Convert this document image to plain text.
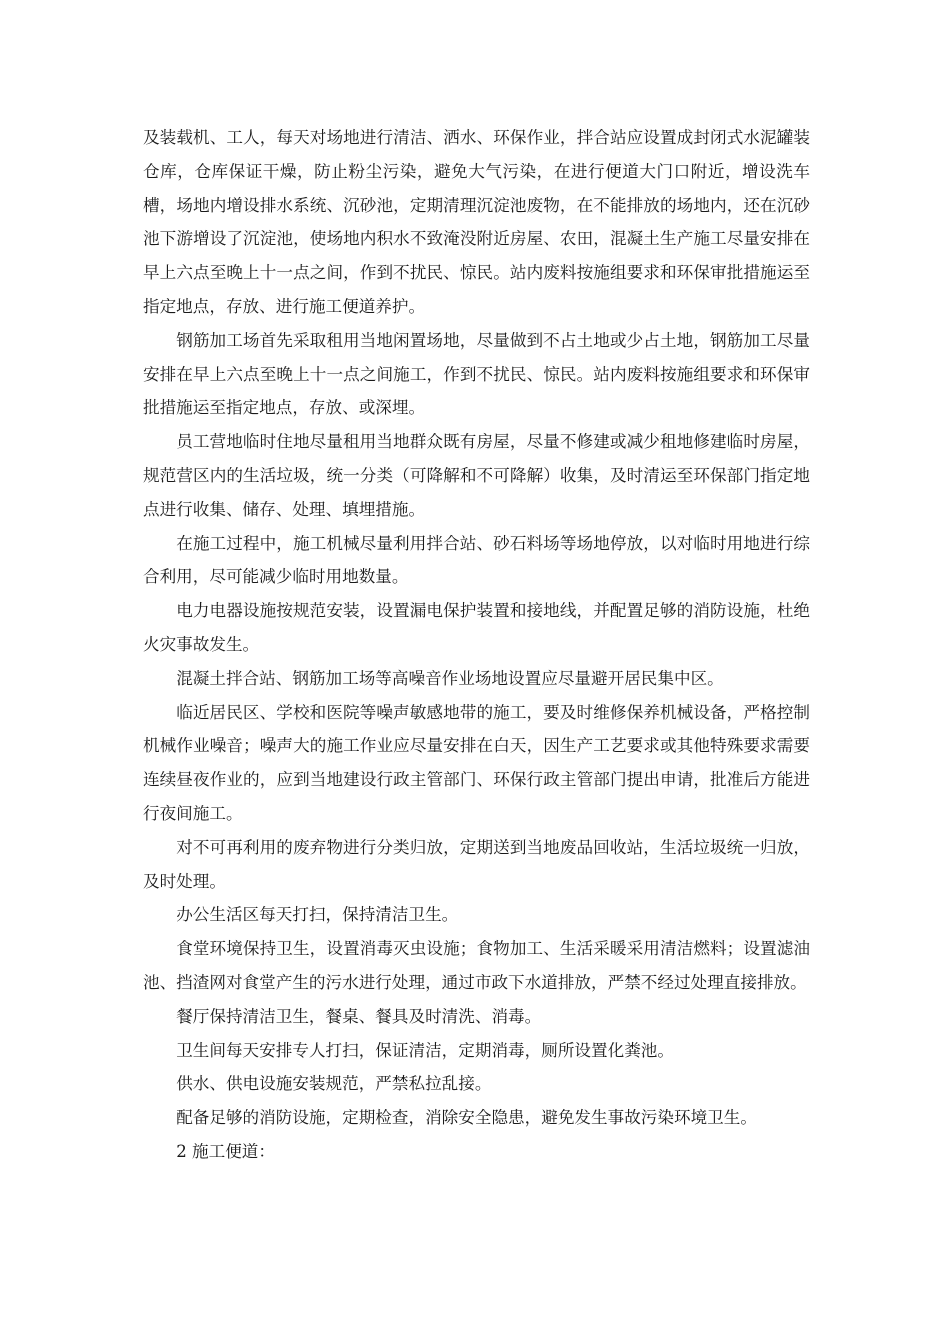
及装载机、工人，每天对场地进行清洁、洒水、环保作业，拌合站应设置成封闭式水泥罐装仓库，仓库保证干燥，防止粉尘污染，避免大气污染，在进行便道大门口附近，增设洗车槽，场地内增设排水系统、沉砂池，定期清理沉淀池废物，在不能排放的场地内，还在沉砂池下游增设了沉淀池，使场地内积水不致淹没附近房屋、农田，混凝土生产施工尽量安排在早上六点至晚上十一点之间，作到不扰民、惊民。站内废料按施组要求和环保审批措施运至指定地点，存放、进行施工便道养护。

钢筋加工场首先采取租用当地闲置场地，尽量做到不占土地或少占土地，钢筋加工尽量安排在早上六点至晚上十一点之间施工，作到不扰民、惊民。站内废料按施组要求和环保审批措施运至指定地点，存放、或深埋。

员工营地临时住地尽量租用当地群众既有房屋，尽量不修建或减少租地修建临时房屋，规范营区内的生活垃圾，统一分类（可降解和不可降解）收集，及时清运至环保部门指定地点进行收集、储存、处理、填埋措施。

在施工过程中，施工机械尽量利用拌合站、砂石料场等场地停放，以对临时用地进行综合利用，尽可能减少临时用地数量。

电力电器设施按规范安装，设置漏电保护装置和接地线，并配置足够的消防设施，杜绝火灾事故发生。

混凝土拌合站、钢筋加工场等高噪音作业场地设置应尽量避开居民集中区。

临近居民区、学校和医院等噪声敏感地带的施工，要及时维修保养机械设备，严格控制机械作业噪音；噪声大的施工作业应尽量安排在白天，因生产工艺要求或其他特殊要求需要连续昼夜作业的，应到当地建设行政主管部门、环保行政主管部门提出申请，批准后方能进行夜间施工。

对不可再利用的废弃物进行分类归放，定期送到当地废品回收站，生活垃圾统一归放，及时处理。

办公生活区每天打扫，保持清洁卫生。

食堂环境保持卫生，设置消毒灭虫设施；食物加工、生活采暖采用清洁燃料；设置滤油池、挡渣网对食堂产生的污水进行处理，通过市政下水道排放，严禁不经过处理直接排放。

餐厅保持清洁卫生，餐桌、餐具及时清洗、消毒。

卫生间每天安排专人打扫，保证清洁，定期消毒，厕所设置化粪池。

供水、供电设施安装规范，严禁私拉乱接。

配备足够的消防设施，定期检查，消除安全隐患，避免发生事故污染环境卫生。

2 施工便道：
